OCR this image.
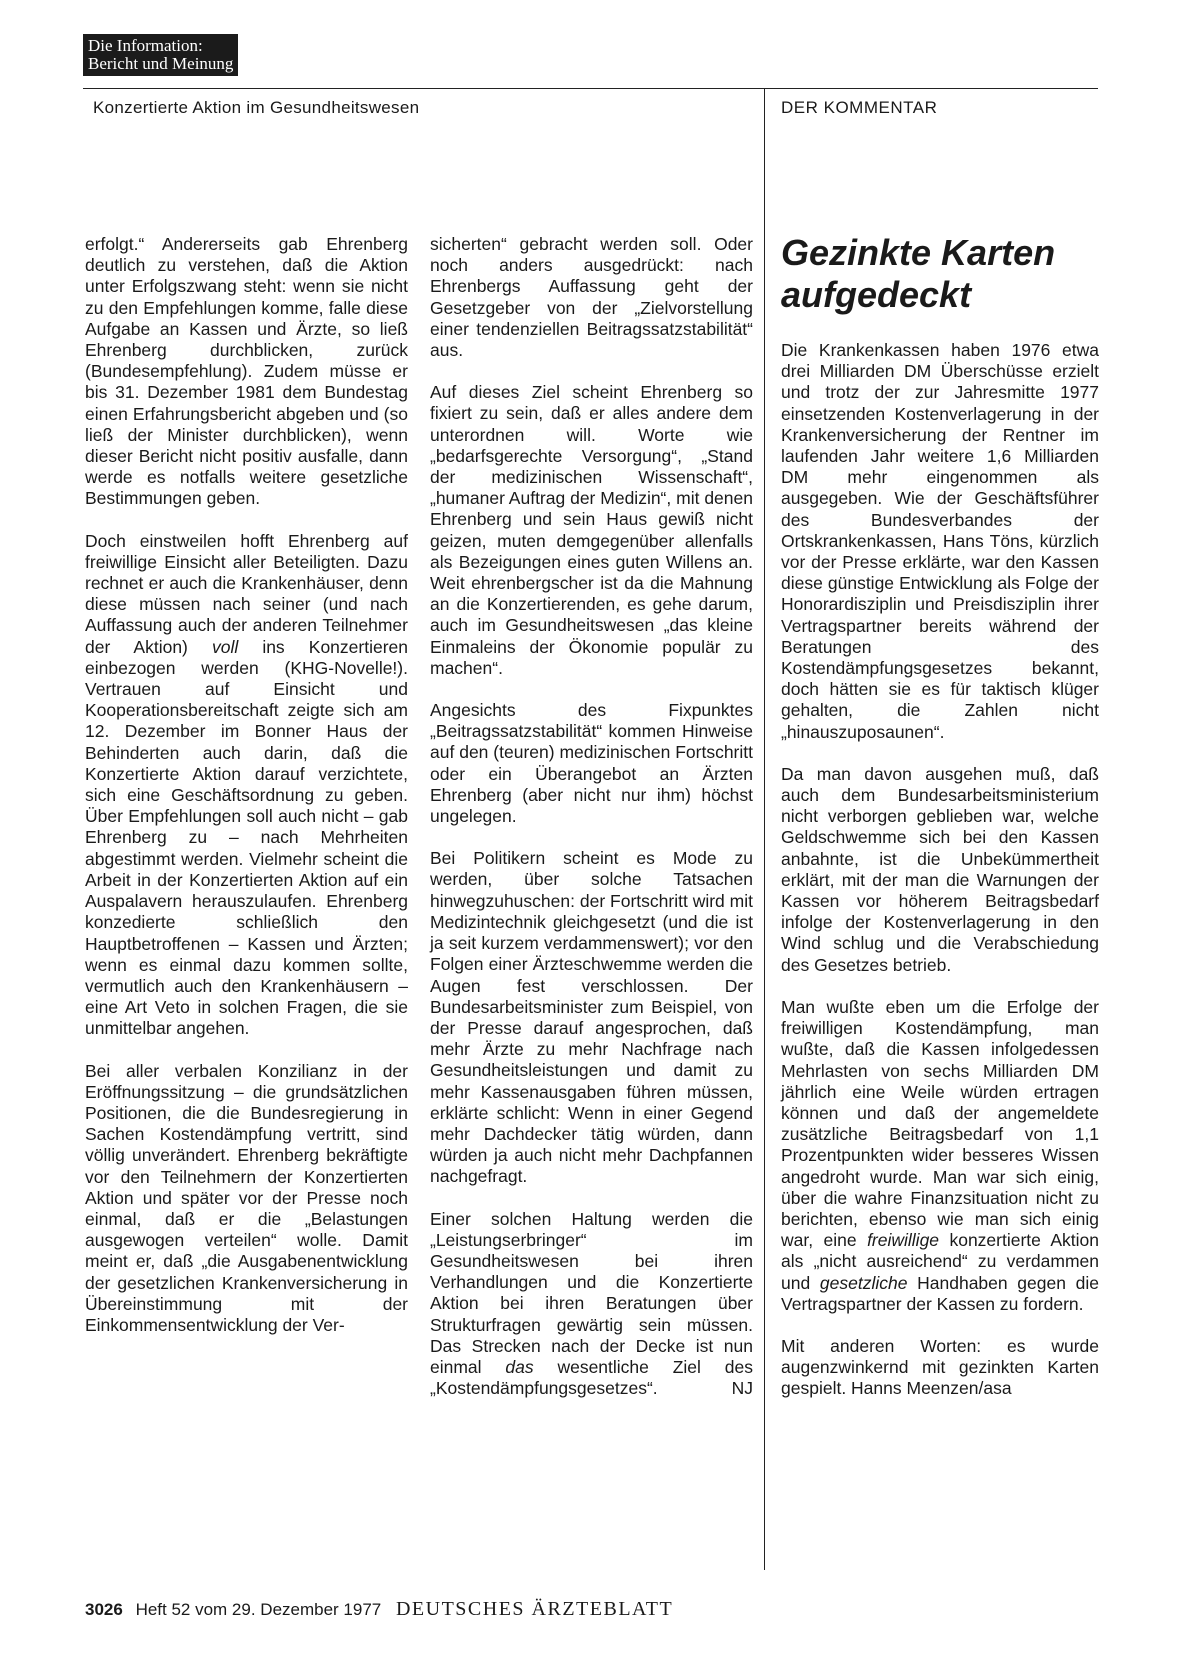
Die Information:
Bericht und Meinung
Konzertierte Aktion im Gesundheitswesen	DER KOMMENTAR

erfolgt.“ Andererseits gab Ehrenberg deutlich zu verstehen, daß die Aktion unter Erfolgszwang steht: wenn sie nicht zu den Empfehlungen komme, falle diese Aufgabe an Kassen und Ärzte, so ließ Ehrenberg durchblicken, zurück (Bundesempfehlung). Zudem müsse er bis 31. Dezember 1981 dem Bundestag einen Erfahrungsbericht abgeben und (so ließ der Minister durchblicken), wenn dieser Bericht nicht positiv ausfalle, dann werde es notfalls weitere gesetzliche Bestimmungen geben.

Doch einstweilen hofft Ehrenberg auf freiwillige Einsicht aller Beteiligten. Dazu rechnet er auch die Krankenhäuser, denn diese müssen nach seiner (und nach Auffassung auch der anderen Teilnehmer der Aktion) voll ins Konzertieren einbezogen werden (KHG-Novelle!). Vertrauen auf Einsicht und Kooperationsbereitschaft zeigte sich am 12. Dezember im Bonner Haus der Behinderten auch darin, daß die Konzertierte Aktion darauf verzichtete, sich eine Geschäftsordnung zu geben. Über Empfehlungen soll auch nicht – gab Ehrenberg zu – nach Mehrheiten abgestimmt werden. Vielmehr scheint die Arbeit in der Konzertierten Aktion auf ein Auspalavern herauszulaufen. Ehrenberg konzedierte schließlich den Hauptbetroffenen – Kassen und Ärzten; wenn es einmal dazu kommen sollte, vermutlich auch den Krankenhäusern – eine Art Veto in solchen Fragen, die sie unmittelbar angehen.

Bei aller verbalen Konzilianz in der Eröffnungssitzung – die grundsätzlichen Positionen, die die Bundesregierung in Sachen Kostendämpfung vertritt, sind völlig unverändert. Ehrenberg bekräftigte vor den Teilnehmern der Konzertierten Aktion und später vor der Presse noch einmal, daß er die „Belastungen ausgewogen verteilen“ wolle. Damit meint er, daß „die Ausgabenentwicklung der gesetzlichen Krankenversicherung in Übereinstimmung mit der Einkommensentwicklung der Ver-

sicherten“ gebracht werden soll. Oder noch anders ausgedrückt: nach Ehrenbergs Auffassung geht der Gesetzgeber von der „Zielvorstellung einer tendenziellen Beitragssatzstabilität“ aus.

Auf dieses Ziel scheint Ehrenberg so fixiert zu sein, daß er alles andere dem unterordnen will. Worte wie „bedarfsgerechte Versorgung“, „Stand der medizinischen Wissenschaft“, „humaner Auftrag der Medizin“, mit denen Ehrenberg und sein Haus gewiß nicht geizen, muten demgegenüber allenfalls als Bezeigungen eines guten Willens an. Weit ehrenbergscher ist da die Mahnung an die Konzertierenden, es gehe darum, auch im Gesundheitswesen „das kleine Einmaleins der Ökonomie populär zu machen“.

Angesichts des Fixpunktes „Beitragssatzstabilität“ kommen Hinweise auf den (teuren) medizinischen Fortschritt oder ein Überangebot an Ärzten Ehrenberg (aber nicht nur ihm) höchst ungelegen.

Bei Politikern scheint es Mode zu werden, über solche Tatsachen hinwegzuhuschen: der Fortschritt wird mit Medizintechnik gleichgesetzt (und die ist ja seit kurzem verdammenswert); vor den Folgen einer Ärzteschwemme werden die Augen fest verschlossen. Der Bundesarbeitsminister zum Beispiel, von der Presse darauf angesprochen, daß mehr Ärzte zu mehr Nachfrage nach Gesundheitsleistungen und damit zu mehr Kassenausgaben führen müssen, erklärte schlicht: Wenn in einer Gegend mehr Dachdecker tätig würden, dann würden ja auch nicht mehr Dachpfannen nachgefragt.

Einer solchen Haltung werden die „Leistungserbringer“ im Gesundheitswesen bei ihren Verhandlungen und die Konzertierte Aktion bei ihren Beratungen über Strukturfragen gewärtig sein müssen. Das Strecken nach der Decke ist nun einmal das wesentliche Ziel des „Kostendämpfungsgesetzes“.	NJ

Gezinkte Karten
aufgedeckt

Die Krankenkassen haben 1976 etwa drei Milliarden DM Überschüsse erzielt und trotz der zur Jahresmitte 1977 einsetzenden Kostenverlagerung in der Krankenversicherung der Rentner im laufenden Jahr weitere 1,6 Milliarden DM mehr eingenommen als ausgegeben. Wie der Geschäftsführer des Bundesverbandes der Ortskrankenkassen, Hans Töns, kürzlich vor der Presse erklärte, war den Kassen diese günstige Entwicklung als Folge der Honorardisziplin und Preisdisziplin ihrer Vertragspartner bereits während der Beratungen des Kostendämpfungsgesetzes bekannt, doch hätten sie es für taktisch klüger gehalten, die Zahlen nicht „hinauszuposaunen“.

Da man davon ausgehen muß, daß auch dem Bundesarbeitsministerium nicht verborgen geblieben war, welche Geldschwemme sich bei den Kassen anbahnte, ist die Unbekümmertheit erklärt, mit der man die Warnungen der Kassen vor höherem Beitragsbedarf infolge der Kostenverlagerung in den Wind schlug und die Verabschiedung des Gesetzes betrieb.

Man wußte eben um die Erfolge der freiwilligen Kostendämpfung, man wußte, daß die Kassen infolgedessen Mehrlasten von sechs Milliarden DM jährlich eine Weile würden ertragen können und daß der angemeldete zusätzliche Beitragsbedarf von 1,1 Prozentpunkten wider besseres Wissen angedroht wurde. Man war sich einig, über die wahre Finanzsituation nicht zu berichten, ebenso wie man sich einig war, eine freiwillige konzertierte Aktion als „nicht ausreichend“ zu verdammen und gesetzliche Handhaben gegen die Vertragspartner der Kassen zu fordern.

Mit anderen Worten: es wurde augenzwinkernd mit gezinkten Karten gespielt. Hanns Meenzen/asa

3026 Heft 52 vom 29. Dezember 1977 DEUTSCHES ÄRZTEBLATT
